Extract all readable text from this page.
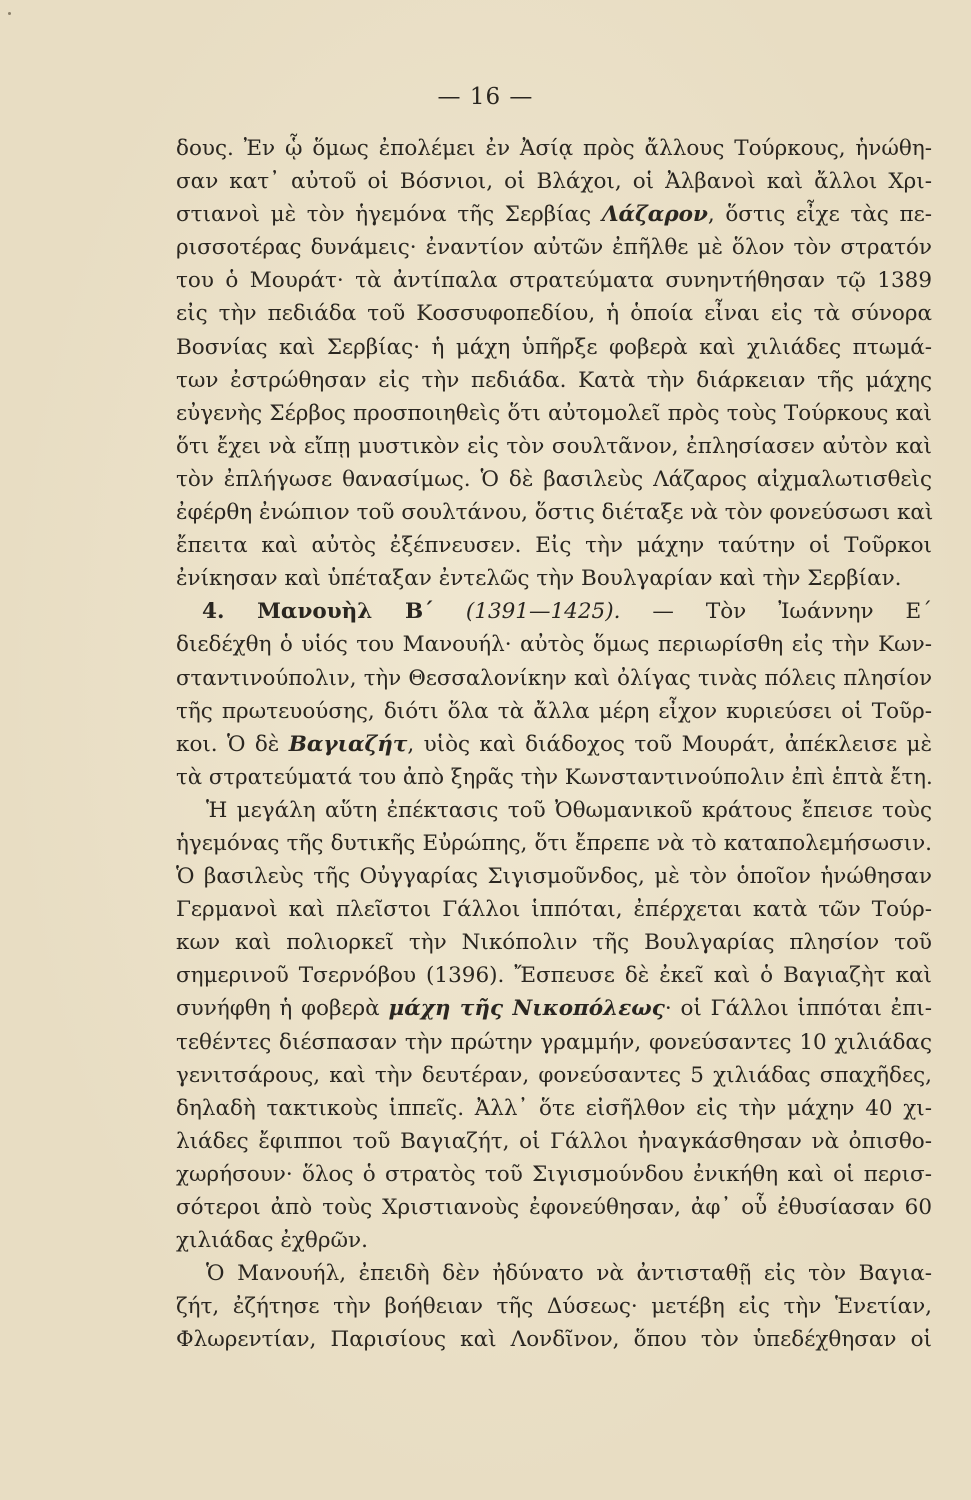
— 16 —
δους. Ἐν ᾧ ὅμως ἐπολέμει ἐν Ἀσίᾳ πρὸς ἄλλους Τούρκους, ἡνώθη-
σαν κατ᾽ αὐτοῦ οἱ Βόσνιοι, οἱ Βλάχοι, οἱ Ἀλβανοὶ καὶ ἄλλοι Χρι-
στιανοὶ μὲ τὸν ἡγεμόνα τῆς Σερβίας Λάζαρον, ὅστις εἶχε τὰς πε-
ρισσοτέρας δυνάμεις· ἐναντίον αὐτῶν ἐπῆλθε μὲ ὅλον τὸν στρατόν
του ὁ Μουράτ· τὰ ἀντίπαλα στρατεύματα συνηντήθησαν τῷ 1389
εἰς τὴν πεδιάδα τοῦ Κοσσυφοπεδίου, ἡ ὁποία εἶναι εἰς τὰ σύνορα
Βοσνίας καὶ Σερβίας· ἡ μάχη ὑπῆρξε φοβερὰ καὶ χιλιάδες πτωμά-
των ἐστρώθησαν εἰς τὴν πεδιάδα. Κατὰ τὴν διάρκειαν τῆς μάχης
εὐγενὴς Σέρβος προσποιηθεὶς ὅτι αὐτομολεῖ πρὸς τοὺς Τούρκους καὶ
ὅτι ἔχει νὰ εἴπῃ μυστικὸν εἰς τὸν σουλτᾶνον, ἐπλησίασεν αὐτὸν καὶ
τὸν ἐπλήγωσε θανασίμως. Ὁ δὲ βασιλεὺς Λάζαρος αἰχμαλωτισθεὶς
ἐφέρθη ἐνώπιον τοῦ σουλτάνου, ὅστις διέταξε νὰ τὸν φονεύσωσι καὶ
ἔπειτα καὶ αὐτὸς ἐξέπνευσεν. Εἰς τὴν μάχην ταύτην οἱ Τοῦρκοι
ἐνίκησαν καὶ ὑπέταξαν ἐντελῶς τὴν Βουλγαρίαν καὶ τὴν Σερβίαν.
4. Μανουὴλ Β΄ (1391—1425). — Τὸν Ἰωάννην Ε΄
διεδέχθη ὁ υἱός του Μανουήλ· αὐτὸς ὅμως περιωρίσθη εἰς τὴν Κων-
σταντινούπολιν, τὴν Θεσσαλονίκην καὶ ὀλίγας τινὰς πόλεις πλησίον
τῆς πρωτευούσης, διότι ὅλα τὰ ἄλλα μέρη εἶχον κυριεύσει οἱ Τοῦρ-
κοι. Ὁ δὲ Βαγιαζήτ, υἱὸς καὶ διάδοχος τοῦ Μουράτ, ἀπέκλεισε μὲ
τὰ στρατεύματά του ἀπὸ ξηρᾶς τὴν Κωνσταντινούπολιν ἐπὶ ἑπτὰ ἔτη.
Ἡ μεγάλη αὕτη ἐπέκτασις τοῦ Ὀθωμανικοῦ κράτους ἔπεισε τοὺς
ἡγεμόνας τῆς δυτικῆς Εὐρώπης, ὅτι ἔπρεπε νὰ τὸ καταπολεμήσωσιν.
Ὁ βασιλεὺς τῆς Οὐγγαρίας Σιγισμοῦνδος, μὲ τὸν ὁποῖον ἡνώθησαν
Γερμανοὶ καὶ πλεῖστοι Γάλλοι ἱππόται, ἐπέρχεται κατὰ τῶν Τούρ-
κων καὶ πολιορκεῖ τὴν Νικόπολιν τῆς Βουλγαρίας πλησίον τοῦ
σημερινοῦ Τσερνόβου (1396). Ἔσπευσε δὲ ἐκεῖ καὶ ὁ Βαγιαζὴτ καὶ
συνήφθη ἡ φοβερὰ μάχη τῆς Νικοπόλεως· οἱ Γάλλοι ἱππόται ἐπι-
τεθέντες διέσπασαν τὴν πρώτην γραμμήν, φονεύσαντες 10 χιλιάδας
γενιτσάρους, καὶ τὴν δευτέραν, φονεύσαντες 5 χιλιάδας σπαχῆδες,
δηλαδὴ τακτικοὺς ἱππεῖς. Ἀλλ᾽ ὅτε εἰσῆλθον εἰς τὴν μάχην 40 χι-
λιάδες ἔφιπποι τοῦ Βαγιαζήτ, οἱ Γάλλοι ἠναγκάσθησαν νὰ ὀπισθο-
χωρήσουν· ὅλος ὁ στρατὸς τοῦ Σιγισμούνδου ἐνικήθη καὶ οἱ περισ-
σότεροι ἀπὸ τοὺς Χριστιανοὺς ἐφονεύθησαν, ἀφ᾽ οὗ ἐθυσίασαν 60
χιλιάδας ἐχθρῶν.
Ὁ Μανουήλ, ἐπειδὴ δὲν ἠδύνατο νὰ ἀντισταθῇ εἰς τὸν Βαγια-
ζήτ, ἐζήτησε τὴν βοήθειαν τῆς Δύσεως· μετέβη εἰς τὴν Ἑνετίαν,
Φλωρεντίαν, Παρισίους καὶ Λονδῖνον, ὅπου τὸν ὑπεδέχθησαν οἱ
